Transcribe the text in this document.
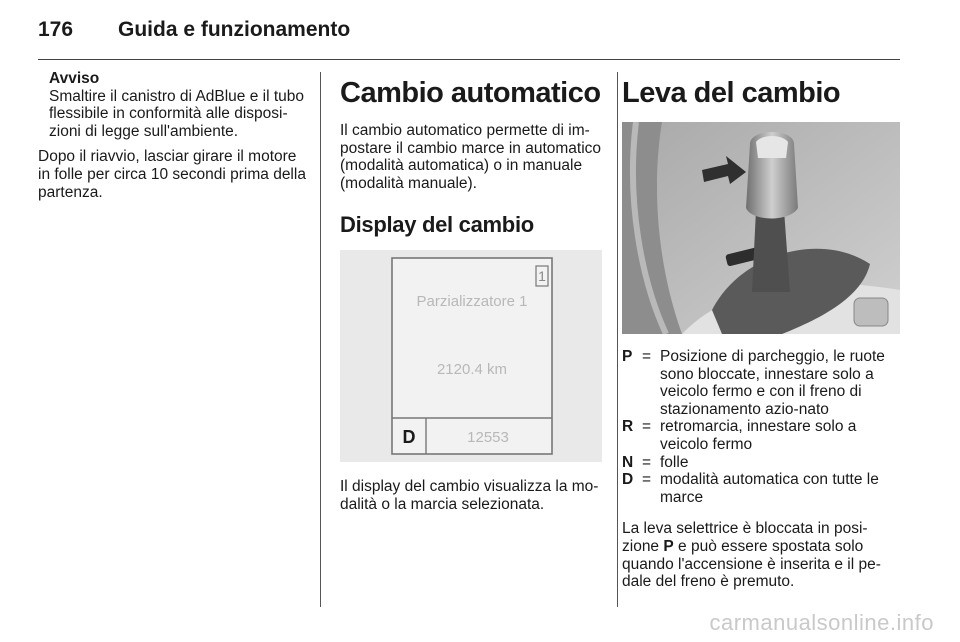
176 Guida e funzionamento

Avviso

Smaltire il canistro di AdBlue e il tubo flessibile in conformità alle disposi-zioni di legge sull'ambiente.

Dopo il riavvio, lasciar girare il motore in folle per circa 10 secondi prima della partenza.

Cambio automatico

Il cambio automatico permette di im-postare il cambio marce in automatico (modalità automatica) o in manuale (modalità manuale).

Display del cambio
1
Parzializzatore 1
2120.4 km
D	12553

Il display del cambio visualizza la mo-dalità o la marcia selezionata.

Leva del cambio
P = Posizione di parcheggio, le ruote sono bloccate, innestare solo a veicolo fermo e con il freno di stazionamento azio-nato
R = retromarcia, innestare solo a veicolo fermo
N = folle
D = modalità automatica con tutte le marce

La leva selettrice è bloccata in posi-zione P e può essere spostata solo quando l'accensione è inserita e il pe-dale del freno è premuto.

carmanualsonline.info
